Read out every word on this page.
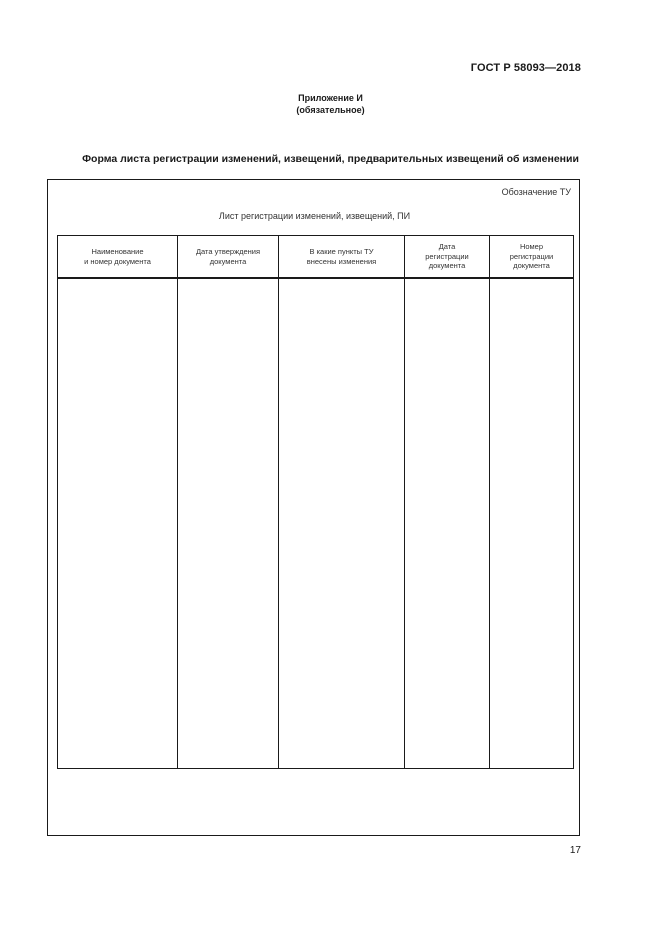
ГОСТ Р 58093—2018
Приложение И
(обязательное)
Форма листа регистрации изменений, извещений, предварительных извещений об изменении
Обозначение ТУ
Лист регистрации изменений, извещений, ПИ
Наименование
и номер документа
Дата утверждения
документа
В какие пункты ТУ
внесены изменения
Дата
регистрации
документа
Номер
регистрации
документа
17
